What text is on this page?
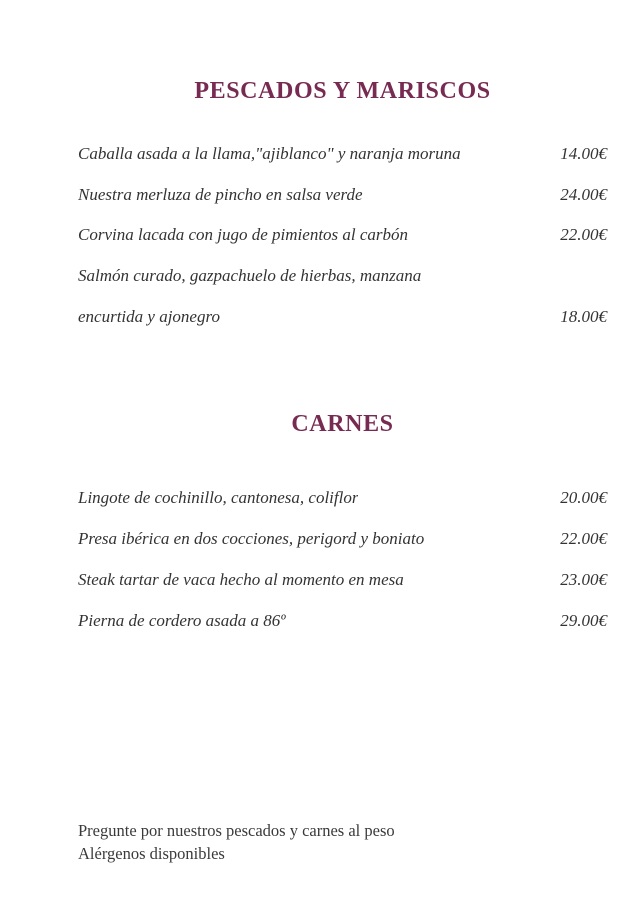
PESCADOS Y MARISCOS
Caballa asada a la llama,"ajiblanco" y naranja moruna	14.00€
Nuestra merluza de pincho en salsa verde	24.00€
Corvina lacada con jugo de pimientos al carbón	22.00€
Salmón curado, gazpachuelo de hierbas, manzana
encurtida y ajonegro	18.00€
CARNES
Lingote de cochinillo, cantonesa, coliflor	20.00€
Presa ibérica en dos cocciones, perigord y boniato	22.00€
Steak tartar de vaca hecho al momento en mesa	23.00€
Pierna de cordero asada a 86º	29.00€
Pregunte por nuestros pescados y carnes al peso
Alérgenos disponibles
